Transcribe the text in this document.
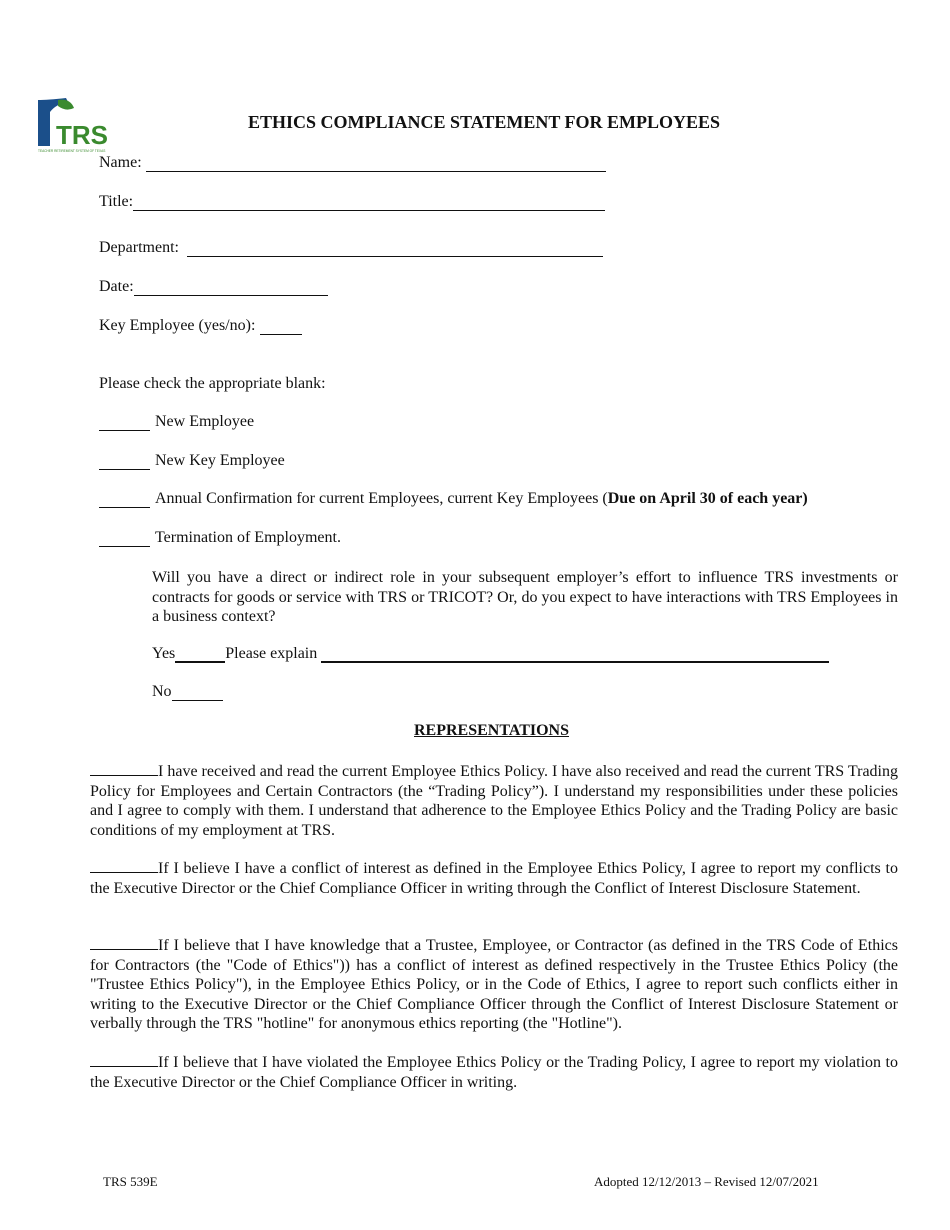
TRS
TEACHER RETIREMENT SYSTEM OF TEXAS
ETHICS COMPLIANCE STATEMENT FOR EMPLOYEES
Name:
Title:
Department:
Date:
Key Employee (yes/no):
Please check the appropriate blank:
New Employee
New Key Employee
Annual Confirmation for current Employees, current Key Employees ( Due on April 30 of each year)
Termination of Employment.
Will you have a direct or indirect role in your subsequent employer’s effort to influence TRS investments or contracts for goods or service with TRS or TRICOT? Or, do you expect to have interactions with TRS Employees in a business context?
Yes	Please explain
No
REPRESENTATIONS
I have received and read the current Employee Ethics Policy. I have also received and read the current TRS Trading Policy for Employees and Certain Contractors (the “Trading Policy”). I understand my responsibilities under these policies and I agree to comply with them. I understand that adherence to the Employee Ethics Policy and the Trading Policy are basic conditions of my employment at TRS.
If I believe I have a conflict of interest as defined in the Employee Ethics Policy, I agree to report my conflicts to the Executive Director or the Chief Compliance Officer in writing through the Conflict of Interest Disclosure Statement.
If I believe that I have knowledge that a Trustee, Employee, or Contractor (as defined in the TRS Code of Ethics for Contractors (the "Code of Ethics")) has a conflict of interest as defined respectively in the Trustee Ethics Policy (the "Trustee Ethics Policy"), in the Employee Ethics Policy, or in the Code of Ethics, I agree to report such conflicts either in writing to the Executive Director or the Chief Compliance Officer through the Conflict of Interest Disclosure Statement or verbally through the TRS "hotline" for anonymous ethics reporting (the "Hotline").
If I believe that I have violated the Employee Ethics Policy or the Trading Policy, I agree to report my violation to the Executive Director or the Chief Compliance Officer in writing.
TRS 539E	Adopted 12/12/2013 – Revised 12/07/2021
